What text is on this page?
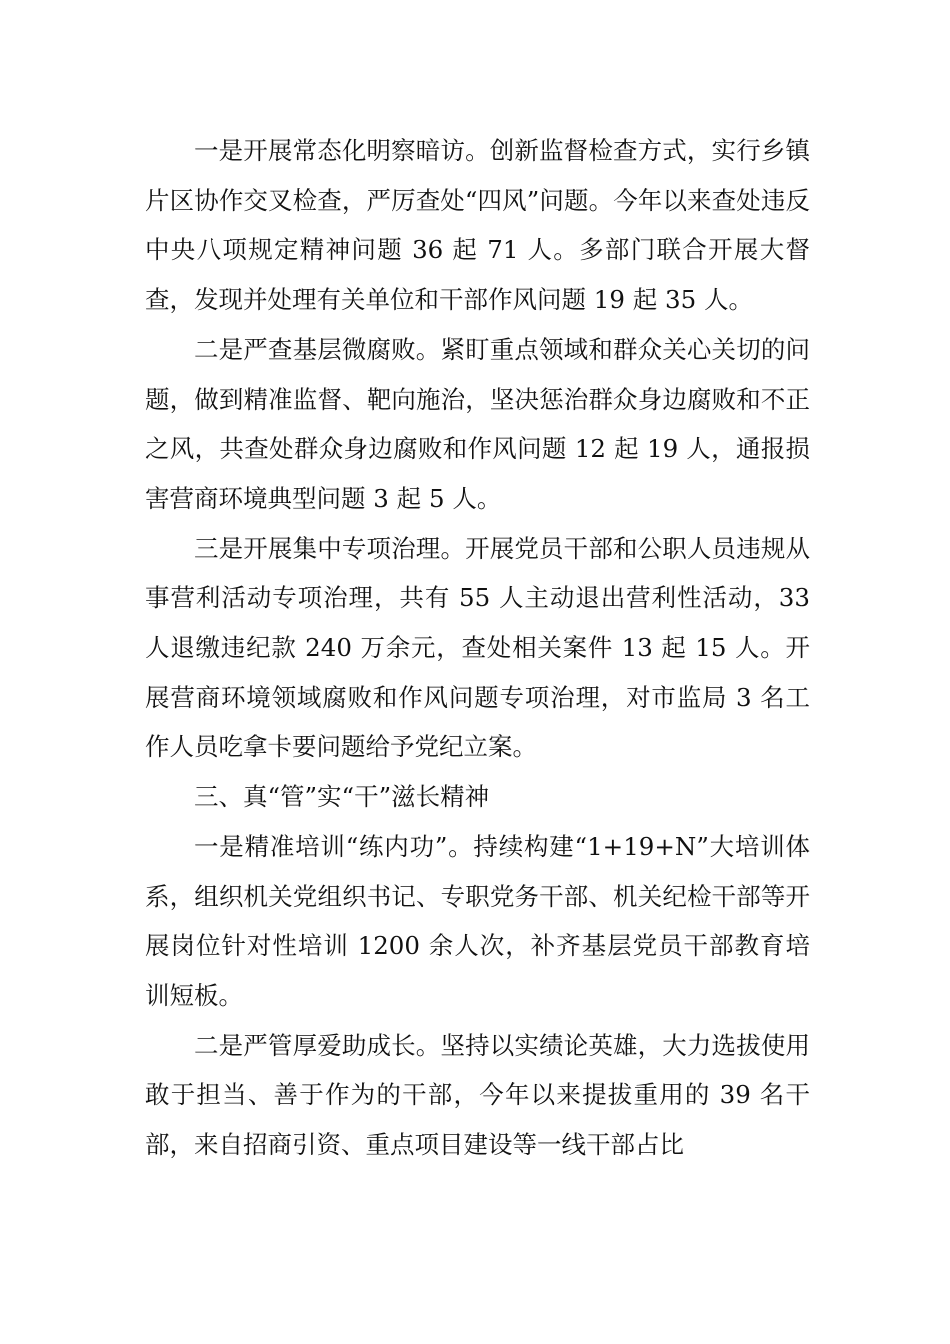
一是开展常态化明察暗访。创新监督检查方式，实行乡镇片区协作交叉检查，严厉查处“四风”问题。今年以来查处违反中央八项规定精神问题 36 起 71 人。多部门联合开展大督查，发现并处理有关单位和干部作风问题 19 起 35 人。

二是严查基层微腐败。紧盯重点领域和群众关心关切的问题，做到精准监督、靶向施治，坚决惩治群众身边腐败和不正之风，共查处群众身边腐败和作风问题 12 起 19 人，通报损害营商环境典型问题 3 起 5 人。

三是开展集中专项治理。开展党员干部和公职人员违规从事营利活动专项治理，共有 55 人主动退出营利性活动，33 人退缴违纪款 240 万余元，查处相关案件 13 起 15 人。开展营商环境领域腐败和作风问题专项治理，对市监局 3 名工作人员吃拿卡要问题给予党纪立案。

三、真“管”实“干”滋长精神

一是精准培训“练内功”。持续构建“1+19+N”大培训体系，组织机关党组织书记、专职党务干部、机关纪检干部等开展岗位针对性培训 1200 余人次，补齐基层党员干部教育培训短板。

二是严管厚爱助成长。坚持以实绩论英雄，大力选拔使用敢于担当、善于作为的干部，今年以来提拔重用的 39 名干部，来自招商引资、重点项目建设等一线干部占比
